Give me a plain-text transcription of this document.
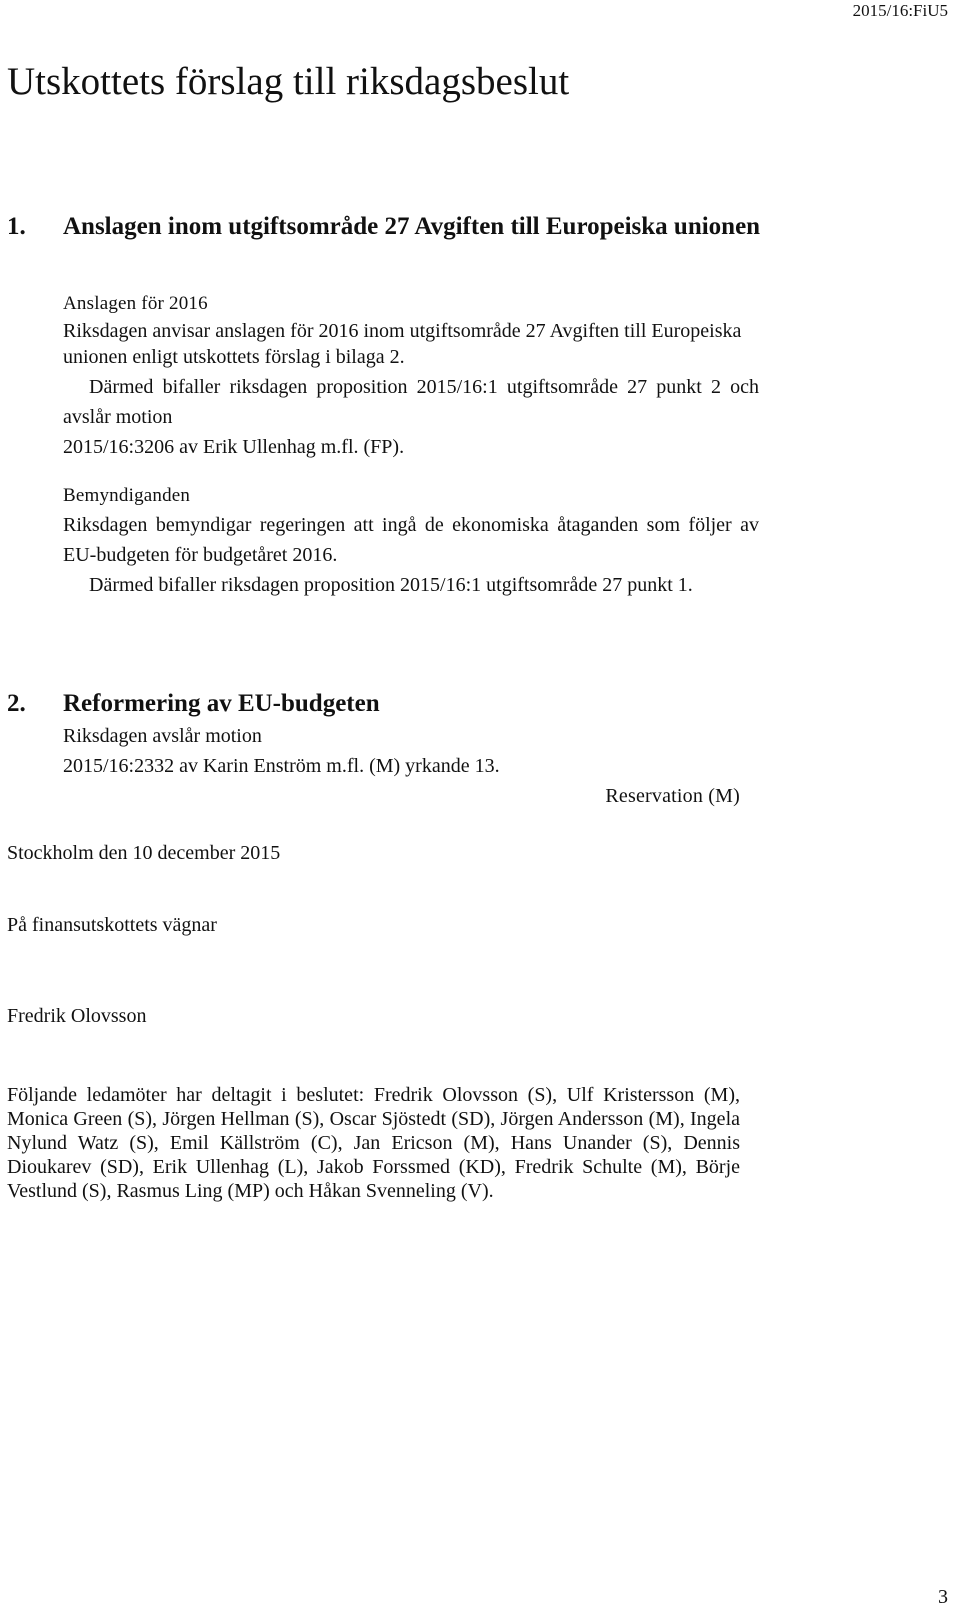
2015/16:FiU5
Utskottets förslag till riksdagsbeslut
1. Anslagen inom utgiftsområde 27 Avgiften till Europeiska unionen
Anslagen för 2016

Riksdagen anvisar anslagen för 2016 inom utgiftsområde 27 Avgiften till Europeiska unionen enligt utskottets förslag i bilaga 2.

Därmed bifaller riksdagen proposition 2015/16:1 utgiftsområde 27 punkt 2 och avslår motion

2015/16:3206 av Erik Ullenhag m.fl. (FP).

Bemyndiganden

Riksdagen bemyndigar regeringen att ingå de ekonomiska åtaganden som följer av EU-budgeten för budgetåret 2016.

Därmed bifaller riksdagen proposition 2015/16:1 utgiftsområde 27 punkt 1.

2. Reformering av EU-budgeten

Riksdagen avslår motion

2015/16:2332 av Karin Enström m.fl. (M) yrkande 13.

Reservation (M)
Stockholm den 10 december 2015
På finansutskottets vägnar
Fredrik Olovsson

Följande ledamöter har deltagit i beslutet: Fredrik Olovsson (S), Ulf Kristersson (M), Monica Green (S), Jörgen Hellman (S), Oscar Sjöstedt (SD), Jörgen Andersson (M), Ingela Nylund Watz (S), Emil Källström (C), Jan Ericson (M), Hans Unander (S), Dennis Dioukarev (SD), Erik Ullenhag (L), Jakob Forssmed (KD), Fredrik Schulte (M), Börje Vestlund (S), Rasmus Ling (MP) och Håkan Svenneling (V).

3
